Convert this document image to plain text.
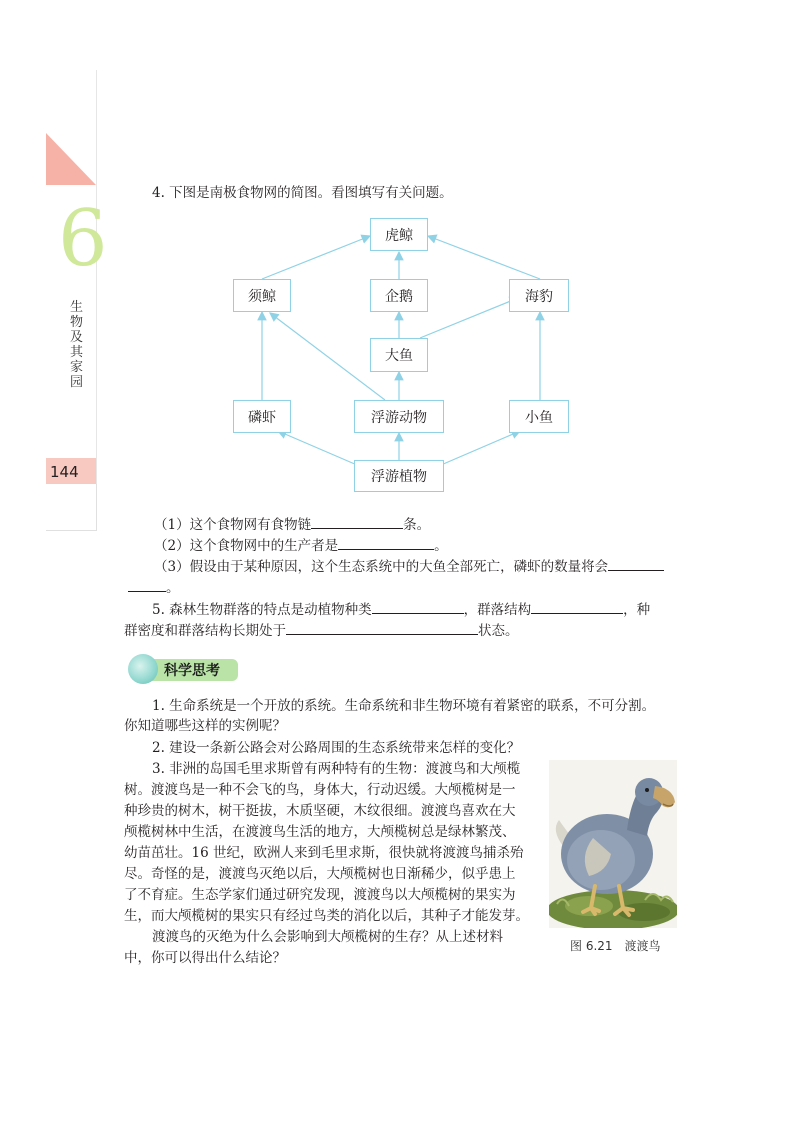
6
生物及其家园
144
4. 下图是南极食物网的简图。看图填写有关问题。
虎鲸
须鲸	企鹅	海豹
大鱼
磷虾	浮游动物	小鱼
浮游植物
（1）这个食物网有食物链	条。
（2）这个食物网中的生产者是	。
（3）假设由于某种原因，这个生态系统中的大鱼全部死亡，磷虾的数量将会
。
5. 森林生物群落的特点是动植物种类	，群落结构	，种
群密度和群落结构长期处于	状态。
科学思考
1. 生命系统是一个开放的系统。生命系统和非生物环境有着紧密的联系，不可分割。
你知道哪些这样的实例呢？
2. 建设一条新公路会对公路周围的生态系统带来怎样的变化？
3. 非洲的岛国毛里求斯曾有两种特有的生物：渡渡鸟和大颅榄
树。渡渡鸟是一种不会飞的鸟，身体大，行动迟缓。大颅榄树是一
种珍贵的树木，树干挺拔，木质坚硬，木纹很细。渡渡鸟喜欢在大
颅榄树林中生活，在渡渡鸟生活的地方，大颅榄树总是绿林繁茂、
幼苗茁壮。16 世纪，欧洲人来到毛里求斯，很快就将渡渡鸟捕杀殆
尽。奇怪的是，渡渡鸟灭绝以后，大颅榄树也日渐稀少，似乎患上
了不育症。生态学家们通过研究发现，渡渡鸟以大颅榄树的果实为
生，而大颅榄树的果实只有经过鸟类的消化以后，其种子才能发芽。
渡渡鸟的灭绝为什么会影响到大颅榄树的生存？从上述材料
中，你可以得出什么结论？
图 6.21　渡渡鸟
